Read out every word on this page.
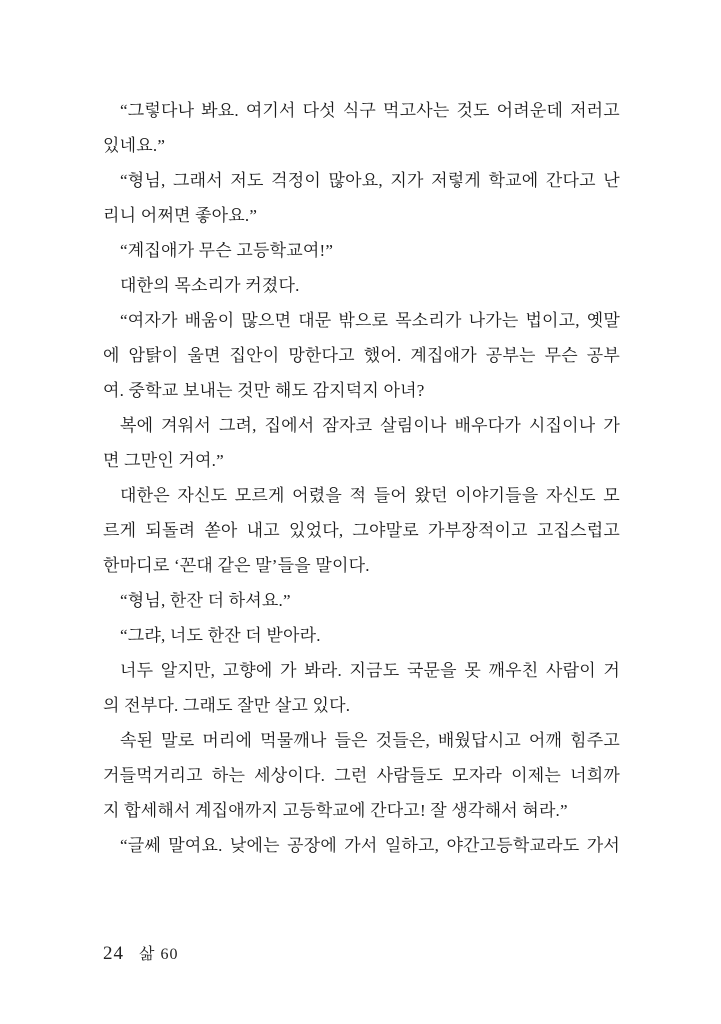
“그렇다나 봐요. 여기서 다섯 식구 먹고사는 것도 어려운데 저러고
있네요.”
“형님, 그래서 저도 걱정이 많아요, 지가 저렇게 학교에 간다고 난
리니 어쩌면 좋아요.”
“계집애가 무슨 고등학교여!”
대한의 목소리가 커졌다.
“여자가 배움이 많으면 대문 밖으로 목소리가 나가는 법이고, 옛말
에 암탉이 울면 집안이 망한다고 했어. 계집애가 공부는 무슨 공부
여. 중학교 보내는 것만 해도 감지덕지 아녀?
복에 겨워서 그려, 집에서 잠자코 살림이나 배우다가 시집이나 가
면 그만인 거여.”
대한은 자신도 모르게 어렸을 적 들어 왔던 이야기들을 자신도 모
르게 되돌려 쏟아 내고 있었다, 그야말로 가부장적이고 고집스럽고
한마디로 ‘꼰대 같은 말’들을 말이다.
“형님, 한잔 더 하셔요.”
“그랴, 너도 한잔 더 받아라.
너두 알지만, 고향에 가 봐라. 지금도 국문을 못 깨우친 사람이 거
의 전부다. 그래도 잘만 살고 있다.
속된 말로 머리에 먹물깨나 들은 것들은, 배웠답시고 어깨 힘주고
거들먹거리고 하는 세상이다. 그런 사람들도 모자라 이제는 너희까
지 합세해서 계집애까지 고등학교에 간다고! 잘 생각해서 혀라.”
“글쎄 말여요. 낮에는 공장에 가서 일하고, 야간고등학교라도 가서
24 삶 60
